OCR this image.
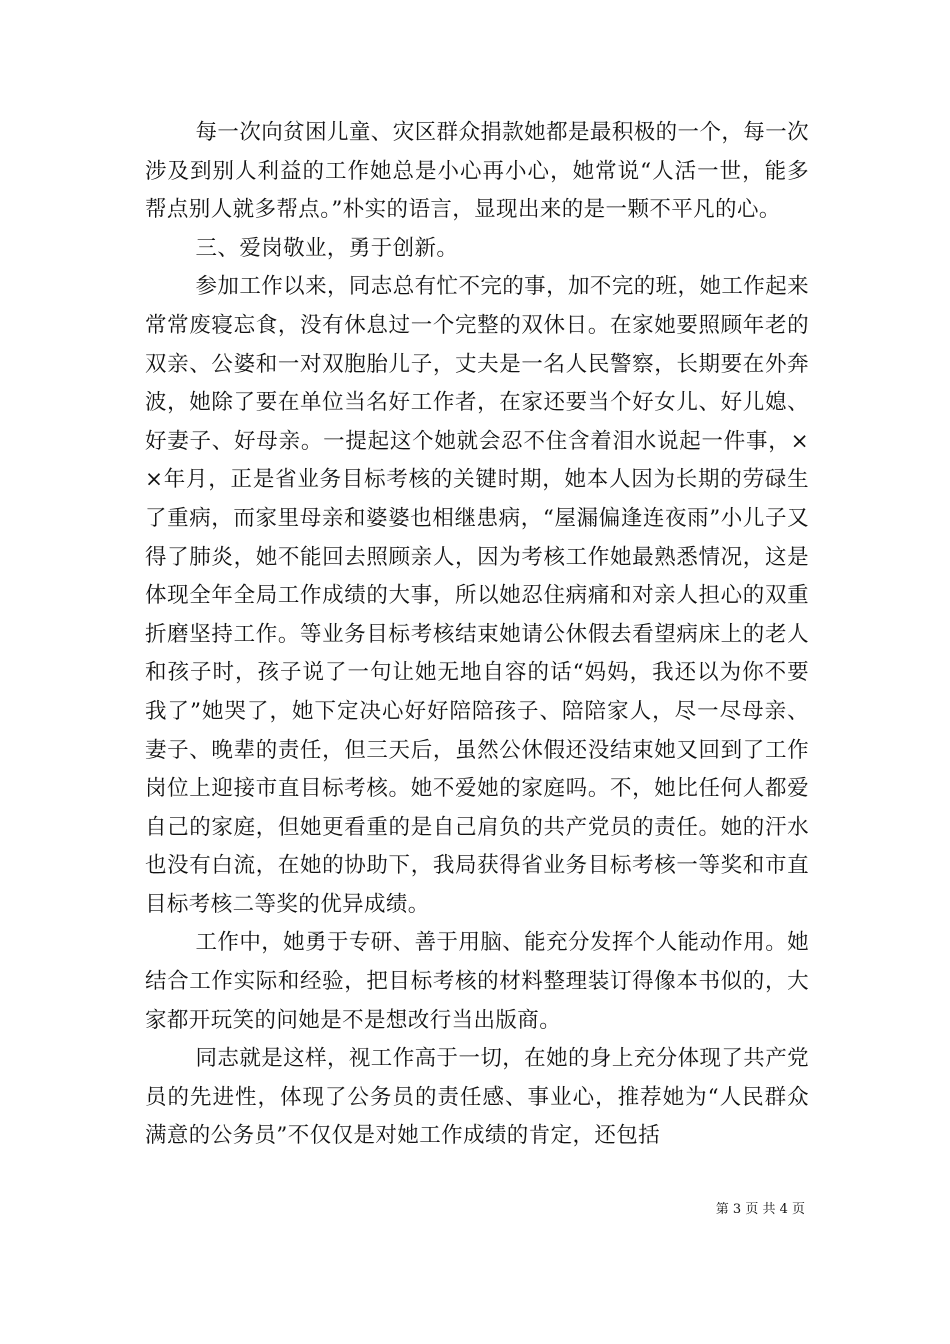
每一次向贫困儿童、灾区群众捐款她都是最积极的一个，每一次涉及到别人利益的工作她总是小心再小心，她常说“人活一世，能多帮点别人就多帮点。”朴实的语言，显现出来的是一颗不平凡的心。

三、爱岗敬业，勇于创新。

参加工作以来，同志总有忙不完的事，加不完的班，她工作起来常常废寝忘食，没有休息过一个完整的双休日。在家她要照顾年老的双亲、公婆和一对双胞胎儿子，丈夫是一名人民警察，长期要在外奔波，她除了要在单位当名好工作者，在家还要当个好女儿、好儿媳、好妻子、好母亲。一提起这个她就会忍不住含着泪水说起一件事，××年月，正是省业务目标考核的关键时期，她本人因为长期的劳碌生了重病，而家里母亲和婆婆也相继患病，“屋漏偏逢连夜雨”小儿子又得了肺炎，她不能回去照顾亲人，因为考核工作她最熟悉情况，这是体现全年全局工作成绩的大事，所以她忍住病痛和对亲人担心的双重折磨坚持工作。等业务目标考核结束她请公休假去看望病床上的老人和孩子时，孩子说了一句让她无地自容的话“妈妈，我还以为你不要我了”她哭了，她下定决心好好陪陪孩子、陪陪家人，尽一尽母亲、妻子、晚辈的责任，但三天后，虽然公休假还没结束她又回到了工作岗位上迎接市直目标考核。她不爱她的家庭吗。不，她比任何人都爱自己的家庭，但她更看重的是自己肩负的共产党员的责任。她的汗水也没有白流，在她的协助下，我局获得省业务目标考核一等奖和市直目标考核二等奖的优异成绩。

工作中，她勇于专研、善于用脑、能充分发挥个人能动作用。她结合工作实际和经验，把目标考核的材料整理装订得像本书似的，大家都开玩笑的问她是不是想改行当出版商。

同志就是这样，视工作高于一切，在她的身上充分体现了共产党员的先进性，体现了公务员的责任感、事业心，推荐她为“人民群众满意的公务员”不仅仅是对她工作成绩的肯定，还包括

第 3 页 共 4 页
